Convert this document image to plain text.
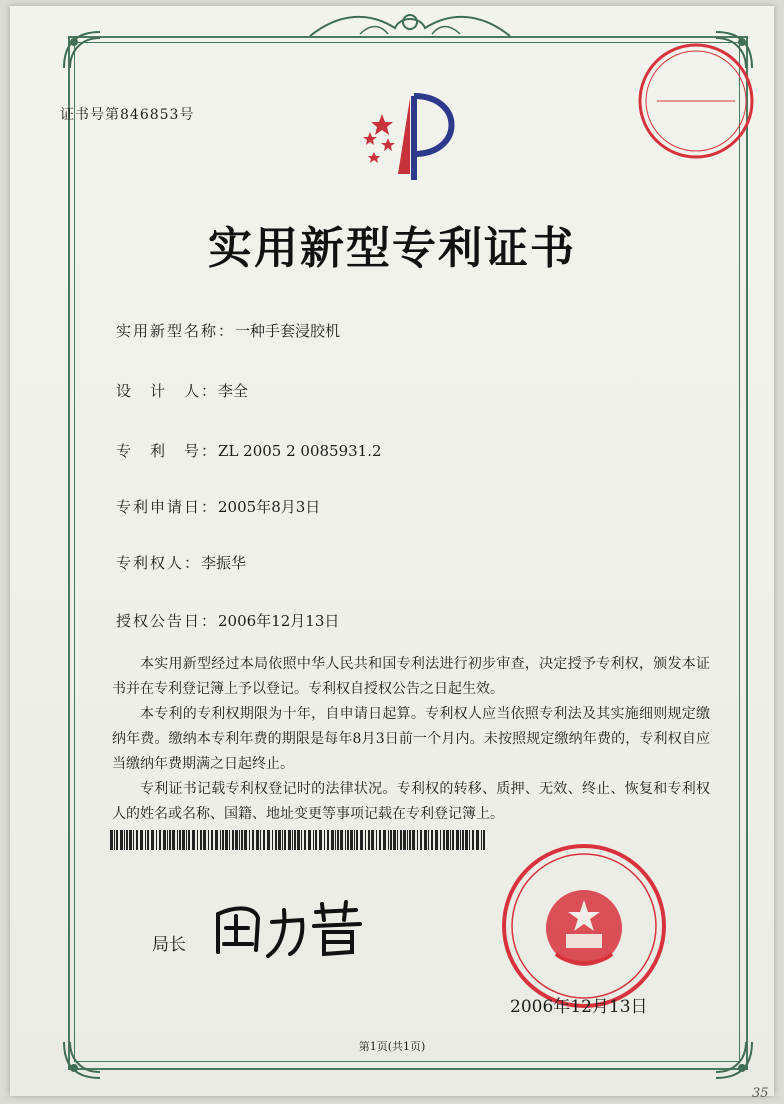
证书号第846853号
实用新型专利证书
实用新型名称：一种手套浸胶机
设　计　人：李全
专　利　号：ZL 2005 2 0085931.2
专利申请日：2005年8月3日
专利权人：李振华
授权公告日：2006年12月13日

本实用新型经过本局依照中华人民共和国专利法进行初步审查，决定授予专利权，颁发本证书并在专利登记簿上予以登记。专利权自授权公告之日起生效。

本专利的专利权期限为十年，自申请日起算。专利权人应当依照专利法及其实施细则规定缴纳年费。缴纳本专利年费的期限是每年8月3日前一个月内。未按照规定缴纳年费的，专利权自应当缴纳年费期满之日起终止。

专利证书记载专利权登记时的法律状况。专利权的转移、质押、无效、终止、恢复和专利权人的姓名或名称、国籍、地址变更等事项记载在专利登记簿上。

局长
2006年12月13日
第1页(共1页)
35
